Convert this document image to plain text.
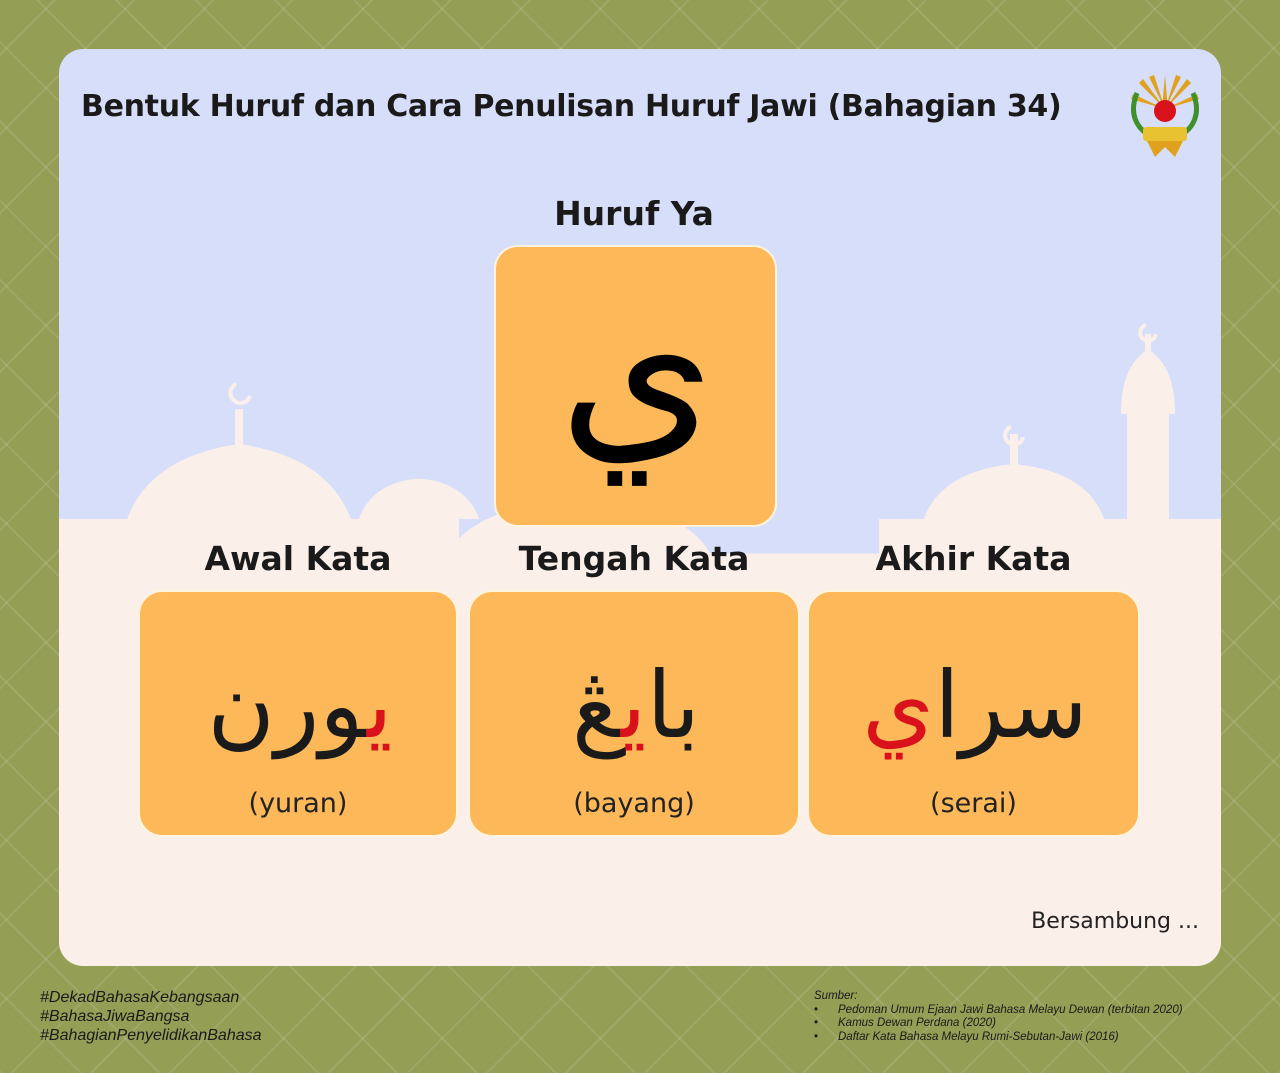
Bentuk Huruf dan Cara Penulisan Huruf Jawi (Bahagian 34)
Huruf Ya
ي
Awal Kata	Tengah Kata	Akhir Kata
يورن
(yuran)
بايڠ
(bayang)
سراي
(serai)
Bersambung ...
#DekadBahasaKebangsaan
#BahasaJiwaBangsa
#BahagianPenyelidikanBahasa
Sumber:
• Pedoman Umum Ejaan Jawi Bahasa Melayu Dewan (terbitan 2020)
• Kamus Dewan Perdana (2020)
• Daftar Kata Bahasa Melayu Rumi-Sebutan-Jawi (2016)
